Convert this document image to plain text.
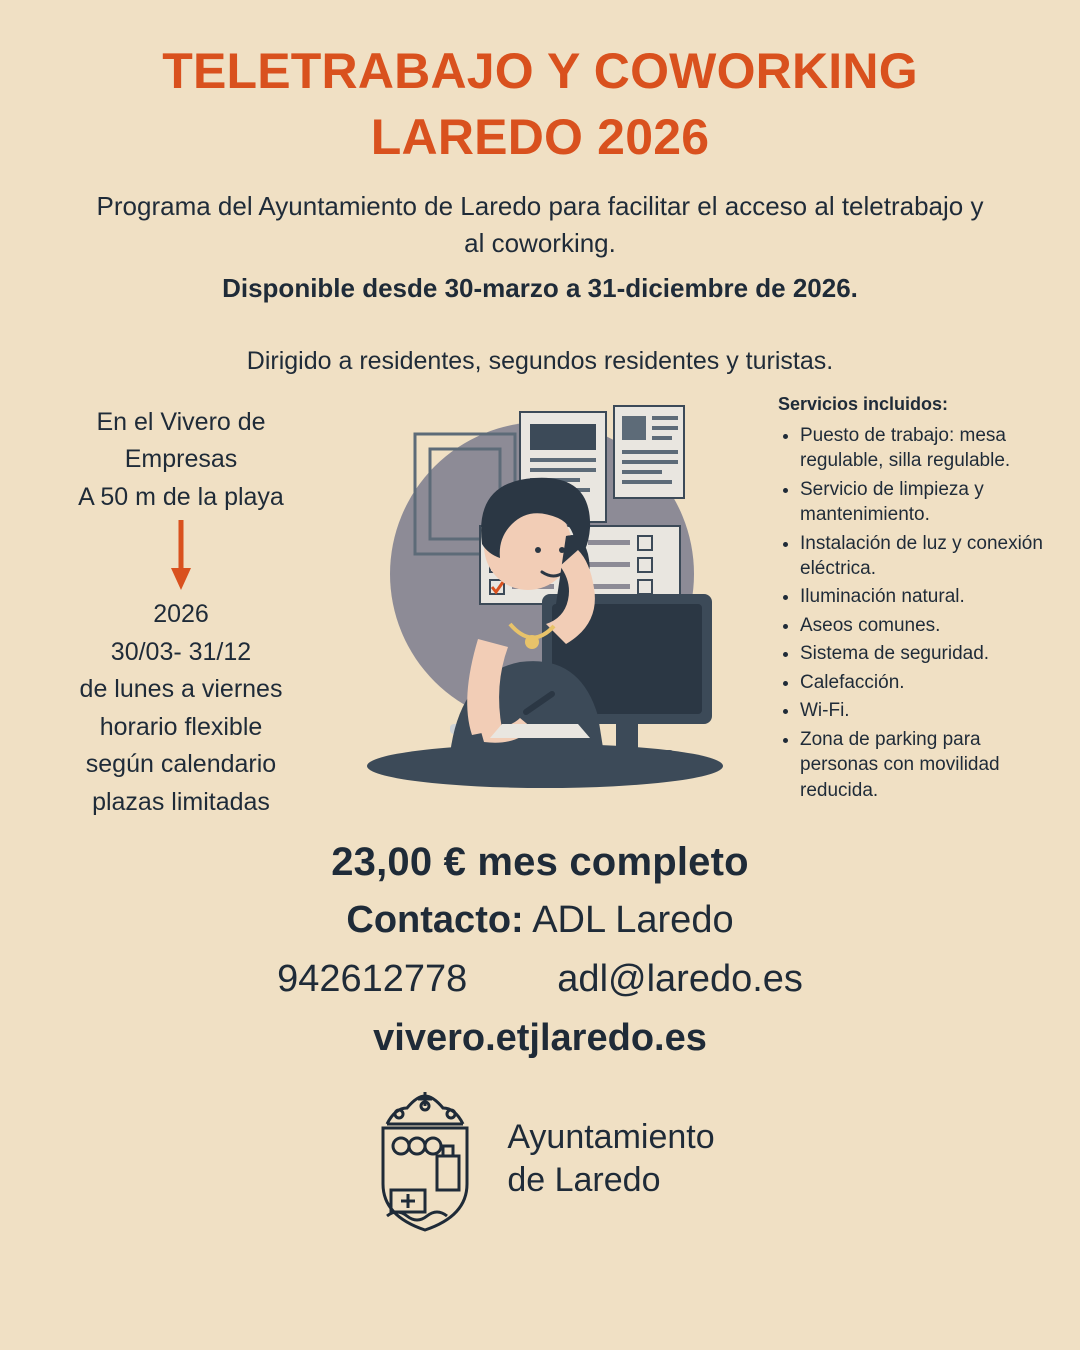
TELETRABAJO Y COWORKING
LAREDO 2026
Programa del Ayuntamiento de Laredo para facilitar el acceso al teletrabajo y al coworking.
Disponible desde 30-marzo a 31-diciembre de 2026.
Dirigido a residentes, segundos residentes y turistas.
En el Vivero de
Empresas
A 50 m de la playa
2026
30/03- 31/12
de lunes a viernes
horario flexible
según calendario
plazas limitadas
Servicios incluidos:
• Puesto de trabajo: mesa regulable, silla regulable.
• Servicio de limpieza y mantenimiento.
• Instalación de luz y conexión eléctrica.
• Iluminación natural.
• Aseos comunes.
• Sistema de seguridad.
• Calefacción.
• Wi-Fi.
• Zona de parking para personas con movilidad reducida.
23,00 € mes completo
Contacto: ADL Laredo
942612778 adl@laredo.es
vivero.etjlaredo.es
Ayuntamiento
de Laredo
